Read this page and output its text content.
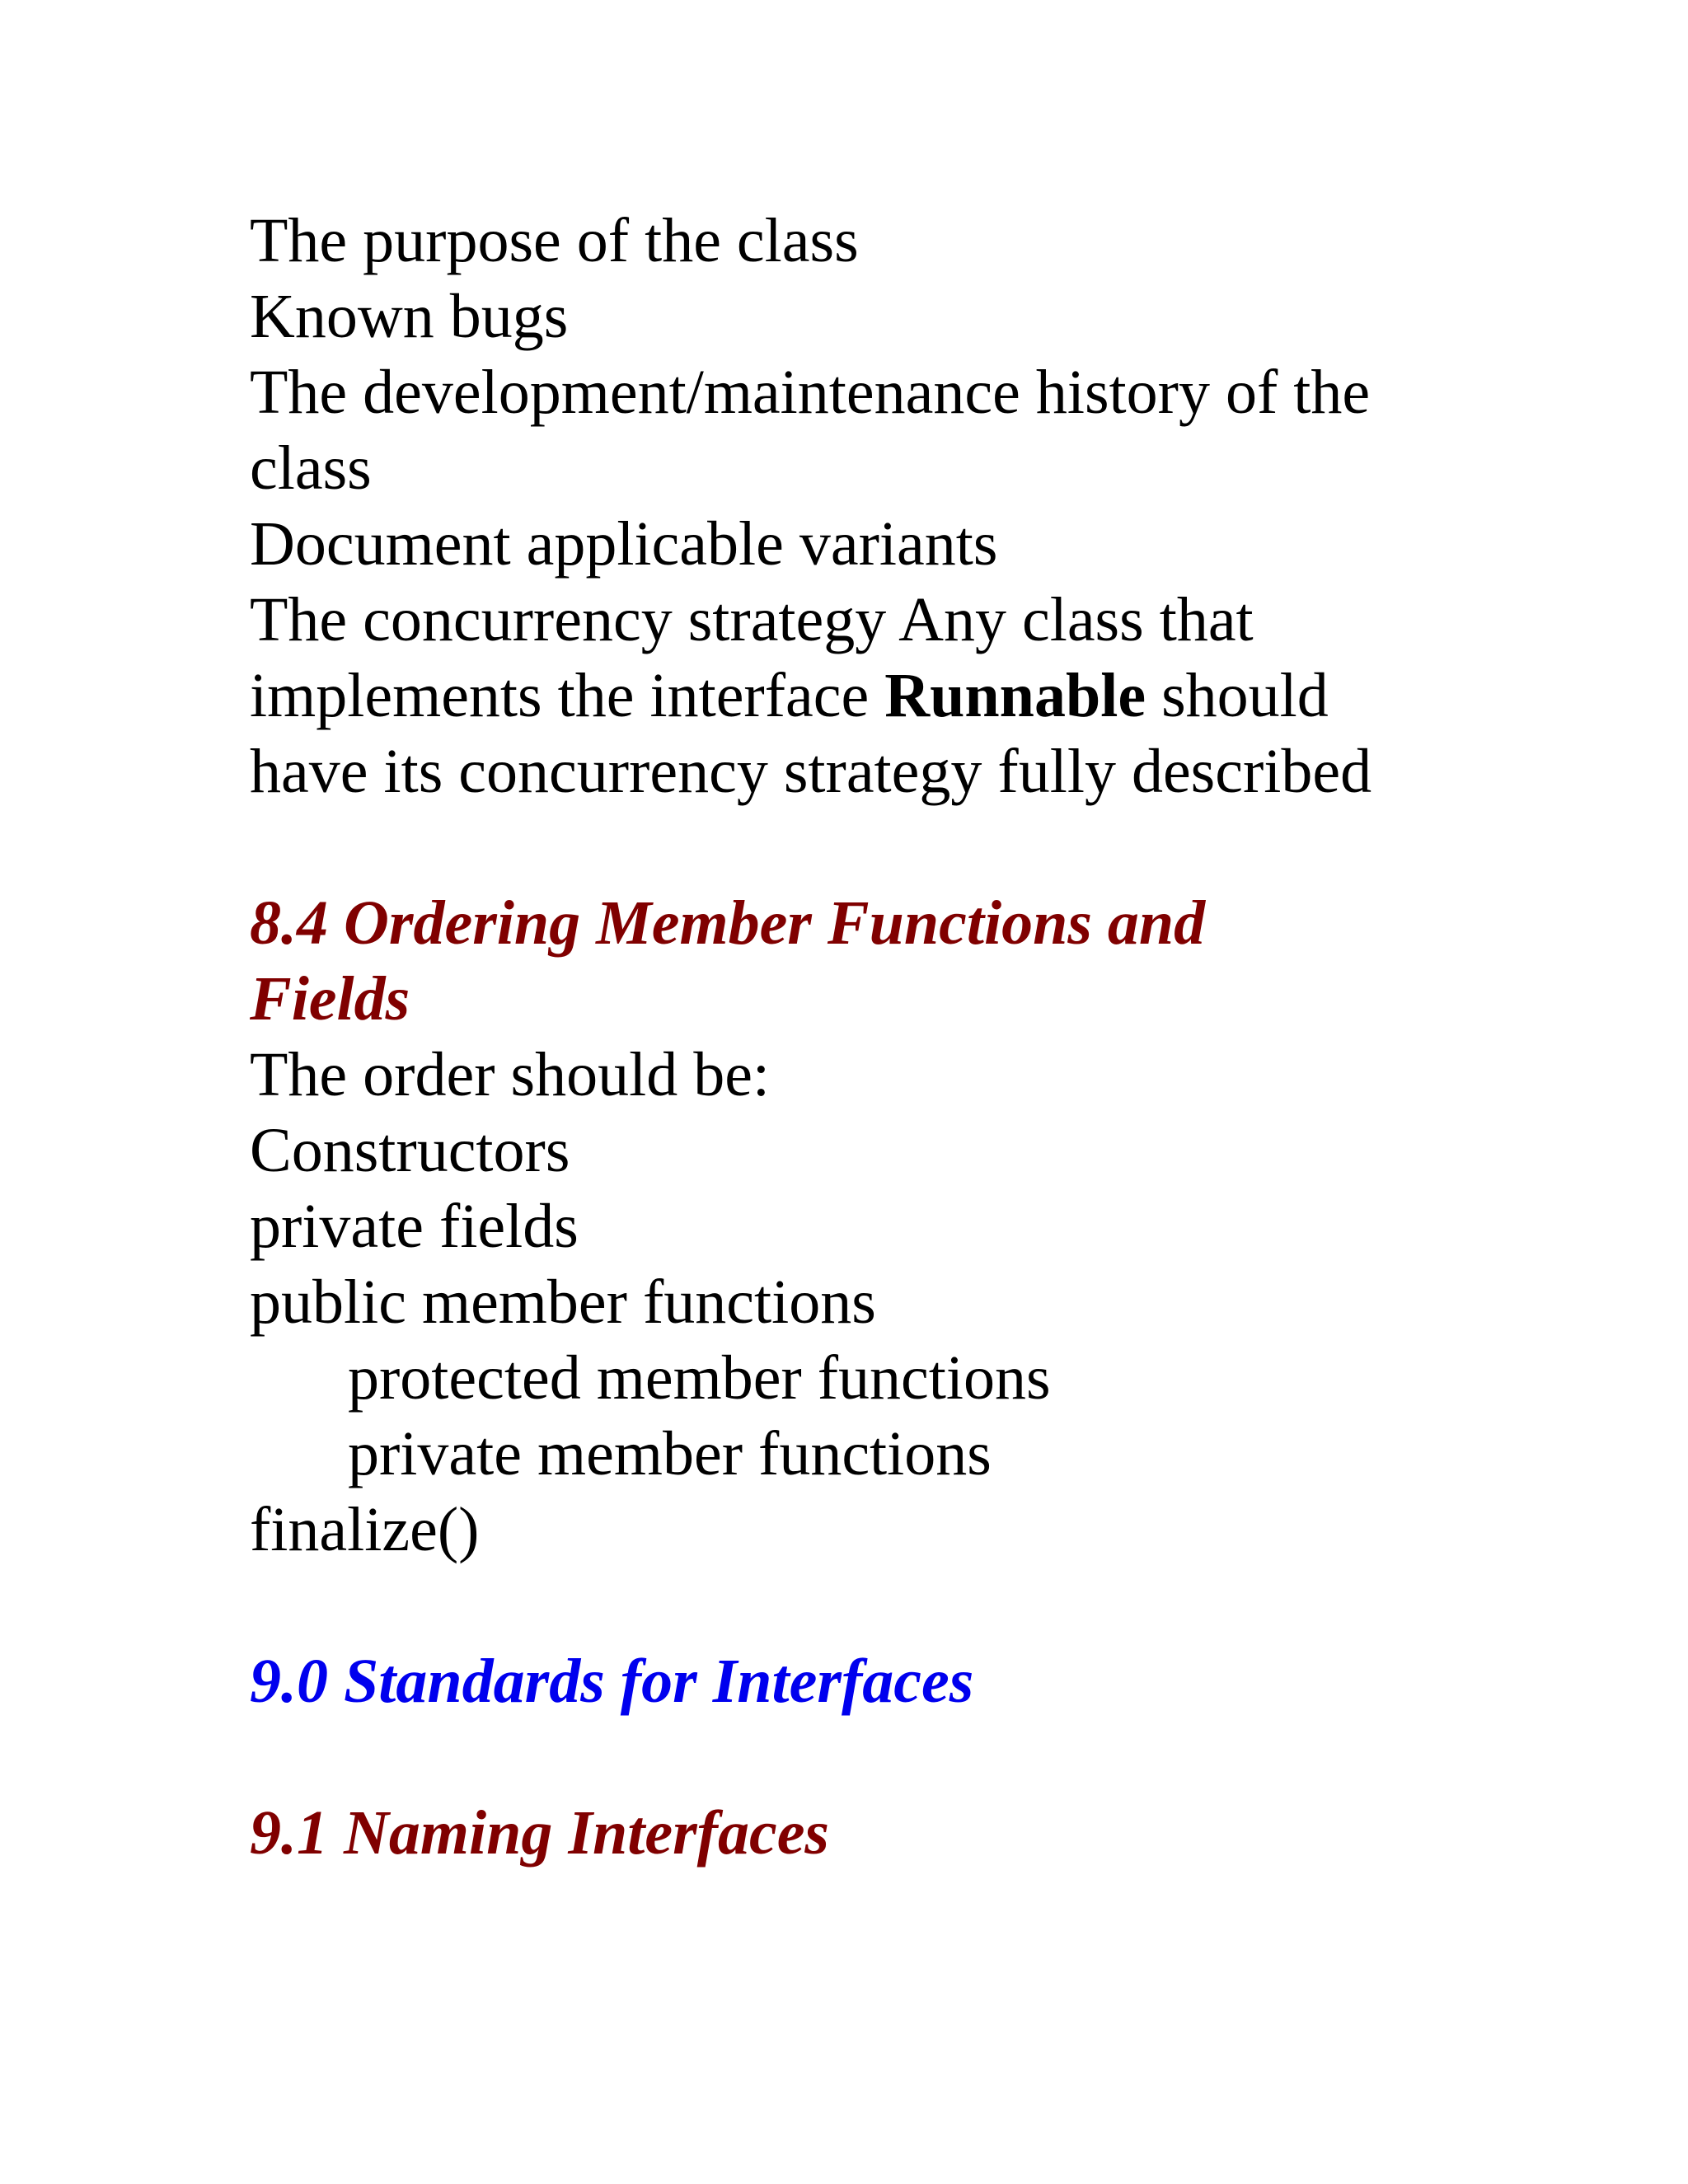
The purpose of the class
Known bugs
The development/maintenance history of the
class
Document applicable variants
The concurrency strategy Any class that
implements the interface Runnable should
have its concurrency strategy fully described
8.4 Ordering Member Functions and
Fields
The order should be:
Constructors
private fields
public member functions
protected member functions
private member functions
finalize()
9.0 Standards for Interfaces
9.1 Naming Interfaces
